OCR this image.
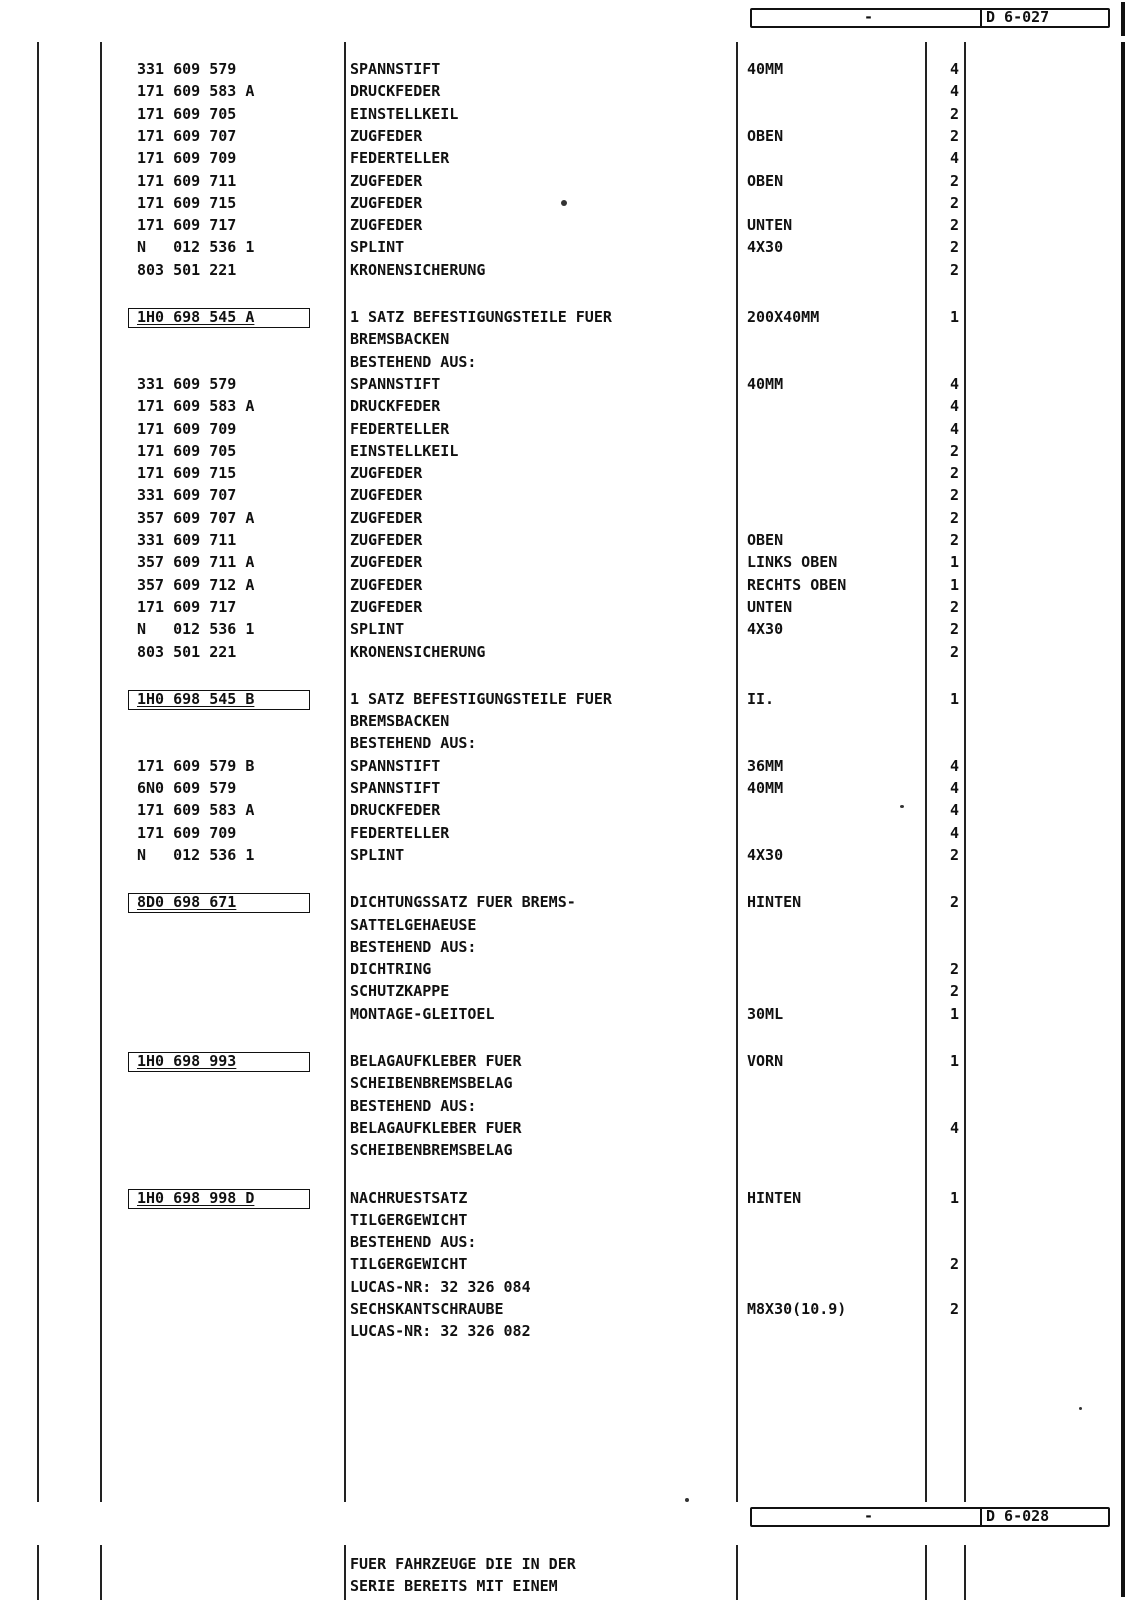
-	D 6-027
331 609 579	SPANNSTIFT	40MM	4
171 609 583 A	DRUCKFEDER	4
171 609 705	EINSTELLKEIL	2
171 609 707	ZUGFEDER	OBEN	2
171 609 709	FEDERTELLER	4
171 609 711	ZUGFEDER	OBEN	2
171 609 715	ZUGFEDER	2
171 609 717	ZUGFEDER	UNTEN	2
N   012 536 1	SPLINT	4X30	2
803 501 221	KRONENSICHERUNG	2
1H0 698 545 A	1 SATZ BEFESTIGUNGSTEILE FUER	200X40MM	1
BREMSBACKEN
BESTEHEND AUS:
331 609 579	SPANNSTIFT	40MM	4
171 609 583 A	DRUCKFEDER	4
171 609 709	FEDERTELLER	4
171 609 705	EINSTELLKEIL	2
171 609 715	ZUGFEDER	2
331 609 707	ZUGFEDER	2
357 609 707 A	ZUGFEDER	2
331 609 711	ZUGFEDER	OBEN	2
357 609 711 A	ZUGFEDER	LINKS OBEN	1
357 609 712 A	ZUGFEDER	RECHTS OBEN	1
171 609 717	ZUGFEDER	UNTEN	2
N   012 536 1	SPLINT	4X30	2
803 501 221	KRONENSICHERUNG	2
1H0 698 545 B	1 SATZ BEFESTIGUNGSTEILE FUER	II.	1
BREMSBACKEN
BESTEHEND AUS:
171 609 579 B	SPANNSTIFT	36MM	4
6N0 609 579	SPANNSTIFT	40MM	4
171 609 583 A	DRUCKFEDER	4
171 609 709	FEDERTELLER	4
N   012 536 1	SPLINT	4X30	2
8D0 698 671	DICHTUNGSSATZ FUER BREMS-	HINTEN	2
SATTELGEHAEUSE
BESTEHEND AUS:
DICHTRING	2
SCHUTZKAPPE	2
MONTAGE-GLEITOEL	30ML	1
1H0 698 993	BELAGAUFKLEBER FUER	VORN	1
SCHEIBENBREMSBELAG
BESTEHEND AUS:
BELAGAUFKLEBER FUER	4
SCHEIBENBREMSBELAG
1H0 698 998 D	NACHRUESTSATZ	HINTEN	1
TILGERGEWICHT
BESTEHEND AUS:
TILGERGEWICHT	2
LUCAS-NR: 32 326 084
SECHSKANTSCHRAUBE	M8X30(10.9)	2
LUCAS-NR: 32 326 082
-	D 6-028

FUER FAHRZEUGE DIE IN DER

SERIE BEREITS MIT EINEM
